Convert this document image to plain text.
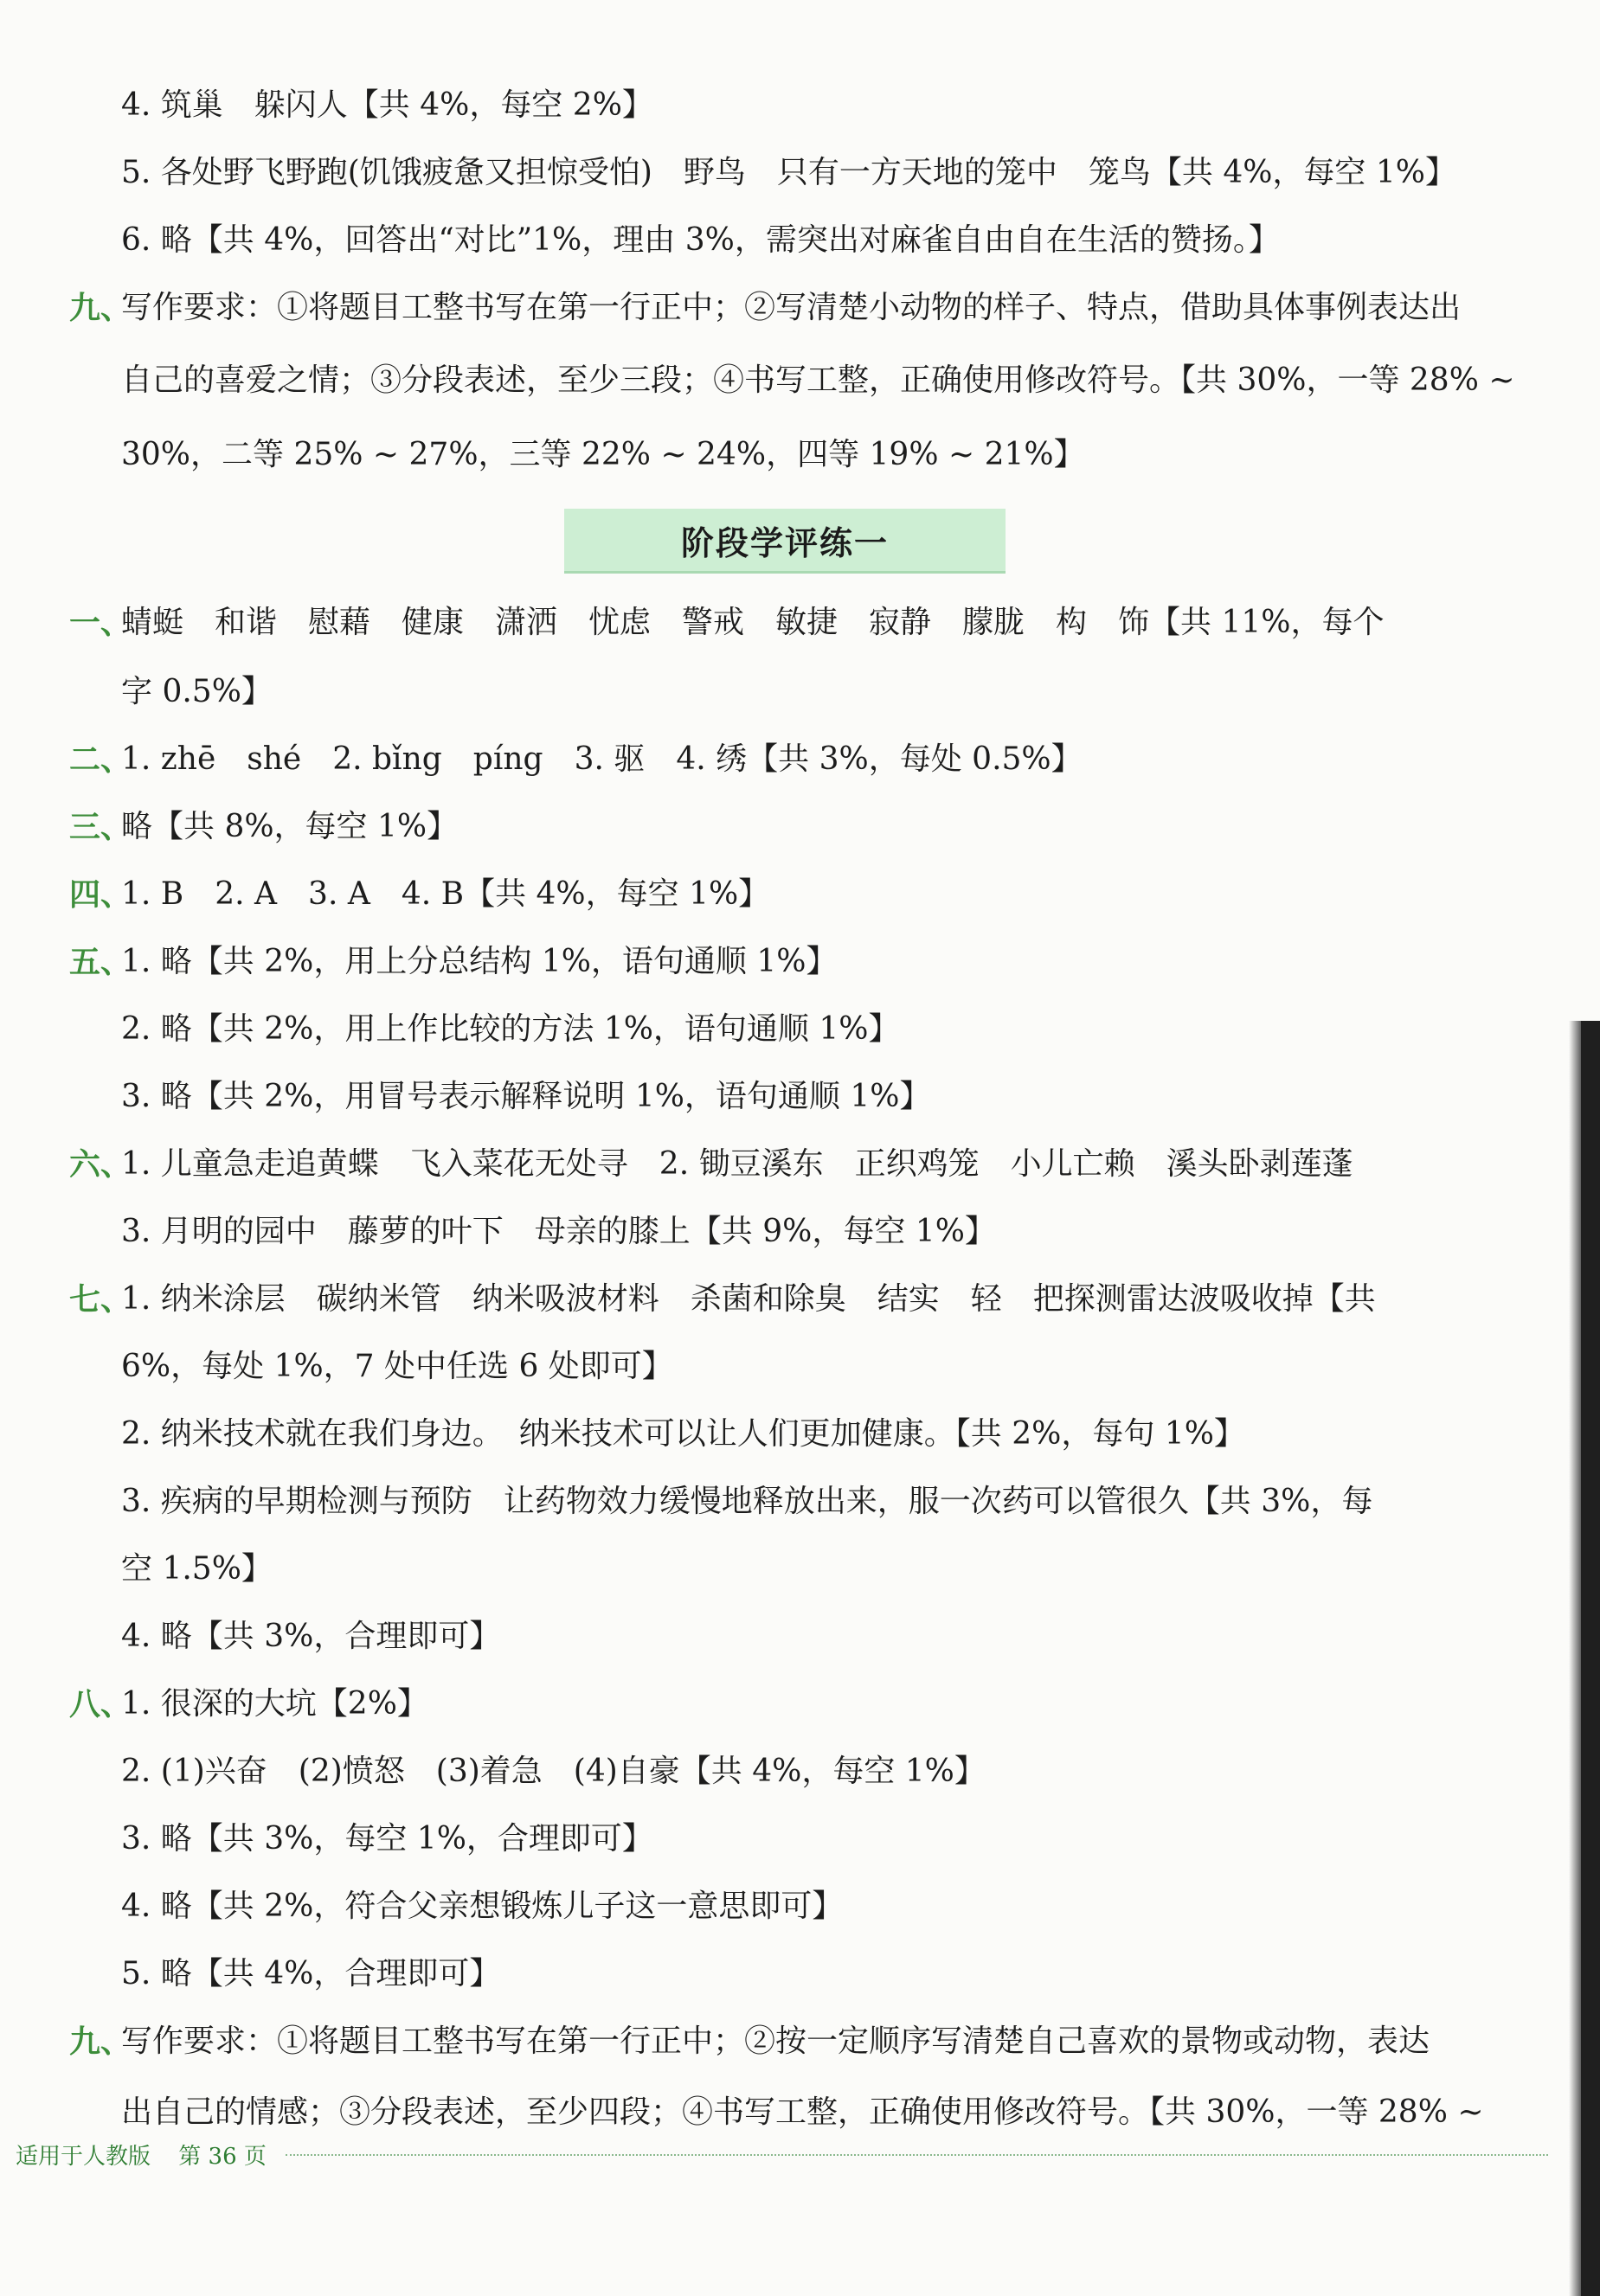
4. 筑巢　躲闪人【共 4%，每空 2%】
5. 各处野飞野跑(饥饿疲惫又担惊受怕)　野鸟　只有一方天地的笼中　笼鸟【共 4%，每空 1%】
6. 略【共 4%，回答出“对比”1%，理由 3%，需突出对麻雀自由自在生活的赞扬。】
九、
写作要求：①将题目工整书写在第一行正中；②写清楚小动物的样子、特点，借助具体事例表达出
自己的喜爱之情；③分段表述，至少三段；④书写工整，正确使用修改符号。【共 30%，一等 28% ~
30%，二等 25% ~ 27%，三等 22% ~ 24%，四等 19% ~ 21%】
阶段学评练一
一、
蜻蜓　和谐　慰藉　健康　潇洒　忧虑　警戒　敏捷　寂静　朦胧　构　饰【共 11%，每个
字 0.5%】
二、
1. zhē　shé　2. bǐng　píng　3. 驱　4. 绣【共 3%，每处 0.5%】
三、
略【共 8%，每空 1%】
四、
1. B　2. A　3. A　4. B【共 4%，每空 1%】
五、
1. 略【共 2%，用上分总结构 1%，语句通顺 1%】
2. 略【共 2%，用上作比较的方法 1%，语句通顺 1%】
3. 略【共 2%，用冒号表示解释说明 1%，语句通顺 1%】
六、
1. 儿童急走追黄蝶　飞入菜花无处寻　2. 锄豆溪东　正织鸡笼　小儿亡赖　溪头卧剥莲蓬
3. 月明的园中　藤萝的叶下　母亲的膝上【共 9%，每空 1%】
七、
1. 纳米涂层　碳纳米管　纳米吸波材料　杀菌和除臭　结实　轻　把探测雷达波吸收掉【共
6%，每处 1%，7 处中任选 6 处即可】
2. 纳米技术就在我们身边。　纳米技术可以让人们更加健康。【共 2%，每句 1%】
3. 疾病的早期检测与预防　让药物效力缓慢地释放出来，服一次药可以管很久【共 3%，每
空 1.5%】
4. 略【共 3%，合理即可】
八、
1. 很深的大坑【2%】
2. (1)兴奋　(2)愤怒　(3)着急　(4)自豪【共 4%，每空 1%】
3. 略【共 3%，每空 1%，合理即可】
4. 略【共 2%，符合父亲想锻炼儿子这一意思即可】
5. 略【共 4%，合理即可】
九、
写作要求：①将题目工整书写在第一行正中；②按一定顺序写清楚自己喜欢的景物或动物，表达
出自己的情感；③分段表述，至少四段；④书写工整，正确使用修改符号。【共 30%，一等 28% ~
适用于人教版 第 36 页
